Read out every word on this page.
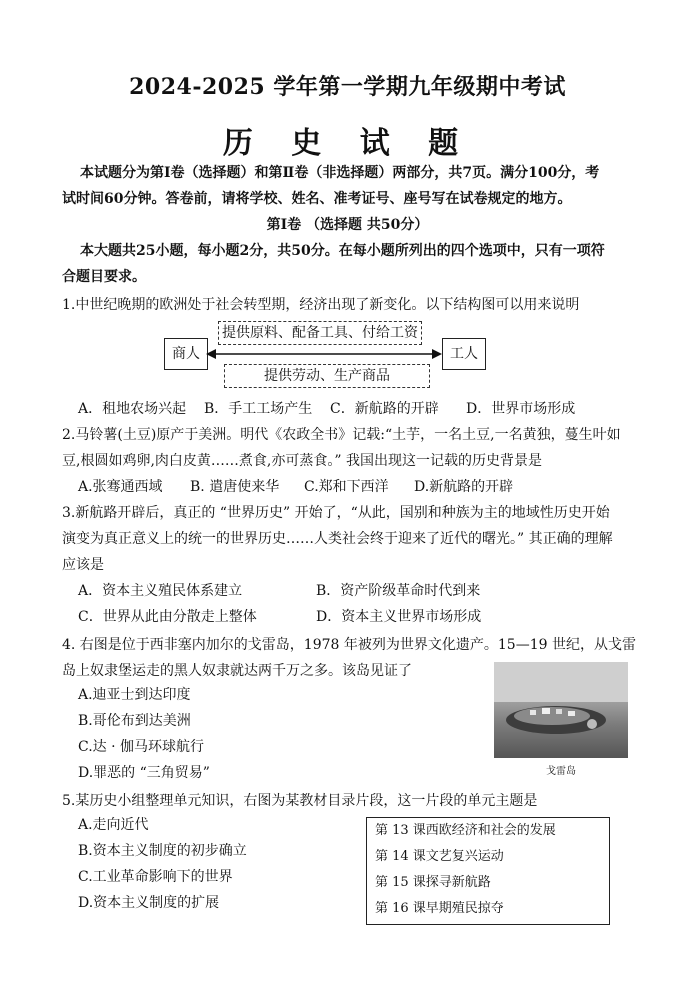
2024-2025 学年第一学期九年级期中考试
历 史 试 题
本试题分为第Ⅰ卷（选择题）和第Ⅱ卷（非选择题）两部分，共7页。满分100分，考
试时间60分钟。答卷前，请将学校、姓名、准考证号、座号写在试卷规定的地方。
第Ⅰ卷 （选择题 共50分）
本大题共25小题，每小题2分，共50分。在每小题所列出的四个选项中，只有一项符
合题目要求。
1.中世纪晚期的欧洲处于社会转型期，经济出现了新变化。以下结构图可以用来说明
商人	工人
提供原料、配备工具、付给工资
提供劳动、生产商品
A．租地农场兴起 B．手工工场产生 C．新航路的开辟 D．世界市场形成
2.马铃薯(土豆)原产于美洲。明代《农政全书》记载:“土芋，一名土豆,一名黄独，蔓生叶如
豆,根圆如鸡卵,肉白皮黄……煮食,亦可蒸食。” 我国出现这一记载的历史背景是
A.张骞通西域 B. 遣唐使来华 C.郑和下西洋 D.新航路的开辟
3.新航路开辟后，真正的 “世界历史” 开始了，“从此，国别和种族为主的地域性历史开始
演变为真正意义上的统一的世界历史……人类社会终于迎来了近代的曙光。” 其正确的理解
应该是
A．资本主义殖民体系建立	B．资产阶级革命时代到来
C．世界从此由分散走上整体	D．资本主义世界市场形成
4. 右图是位于西非塞内加尔的戈雷岛，1978 年被列为世界文化遗产。15—19 世纪，从戈雷
岛上奴隶堡运走的黑人奴隶就达两千万之多。该岛见证了
A.迪亚士到达印度
B.哥伦布到达美洲
C.达 · 伽马环球航行
D.罪恶的 “三角贸易”	戈雷岛
5.某历史小组整理单元知识，右图为某教材目录片段，这一片段的单元主题是
A.走向近代
B.资本主义制度的初步确立
C.工业革命影响下的世界
D.资本主义制度的扩展
第 13 课西欧经济和社会的发展
第 14 课文艺复兴运动
第 15 课探寻新航路
第 16 课早期殖民掠夺
